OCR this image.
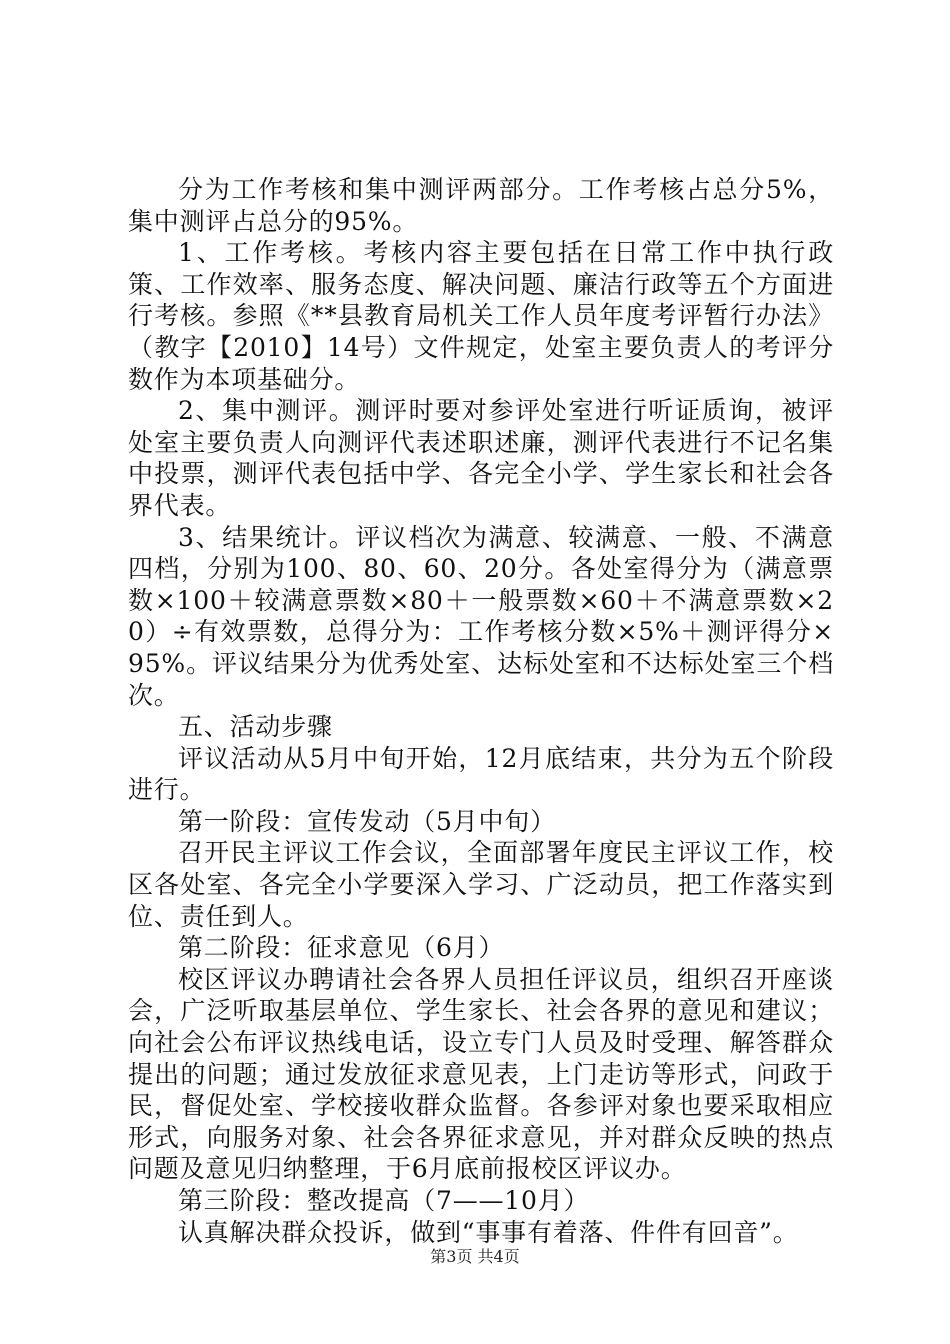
分为工作考核和集中测评两部分。工作考核占总分5%，集中测评占总分的95%。

1、工作考核。考核内容主要包括在日常工作中执行政策、工作效率、服务态度、解决问题、廉洁行政等五个方面进行考核。参照《**县教育局机关工作人员年度考评暂行办法》（教字【2010】14号）文件规定，处室主要负责人的考评分数作为本项基础分。

2、集中测评。测评时要对参评处室进行听证质询，被评处室主要负责人向测评代表述职述廉，测评代表进行不记名集中投票，测评代表包括中学、各完全小学、学生家长和社会各界代表。

3、结果统计。评议档次为满意、较满意、一般、不满意四档，分别为100、80、60、20分。各处室得分为（满意票数×100＋较满意票数×80＋一般票数×60＋不满意票数×20）÷有效票数，总得分为：工作考核分数×5%＋测评得分×95%。评议结果分为优秀处室、达标处室和不达标处室三个档次。

五、活动步骤

评议活动从5月中旬开始，12月底结束，共分为五个阶段进行。

第一阶段：宣传发动（5月中旬）

召开民主评议工作会议，全面部署年度民主评议工作，校区各处室、各完全小学要深入学习、广泛动员，把工作落实到位、责任到人。

第二阶段：征求意见（6月）

校区评议办聘请社会各界人员担任评议员，组织召开座谈会，广泛听取基层单位、学生家长、社会各界的意见和建议；向社会公布评议热线电话，设立专门人员及时受理、解答群众提出的问题；通过发放征求意见表，上门走访等形式，问政于民，督促处室、学校接收群众监督。各参评对象也要采取相应形式，向服务对象、社会各界征求意见，并对群众反映的热点问题及意见归纳整理，于6月底前报校区评议办。

第三阶段：整改提高（7——10月）

认真解决群众投诉，做到“事事有着落、件件有回音”。

第3页 共4页
